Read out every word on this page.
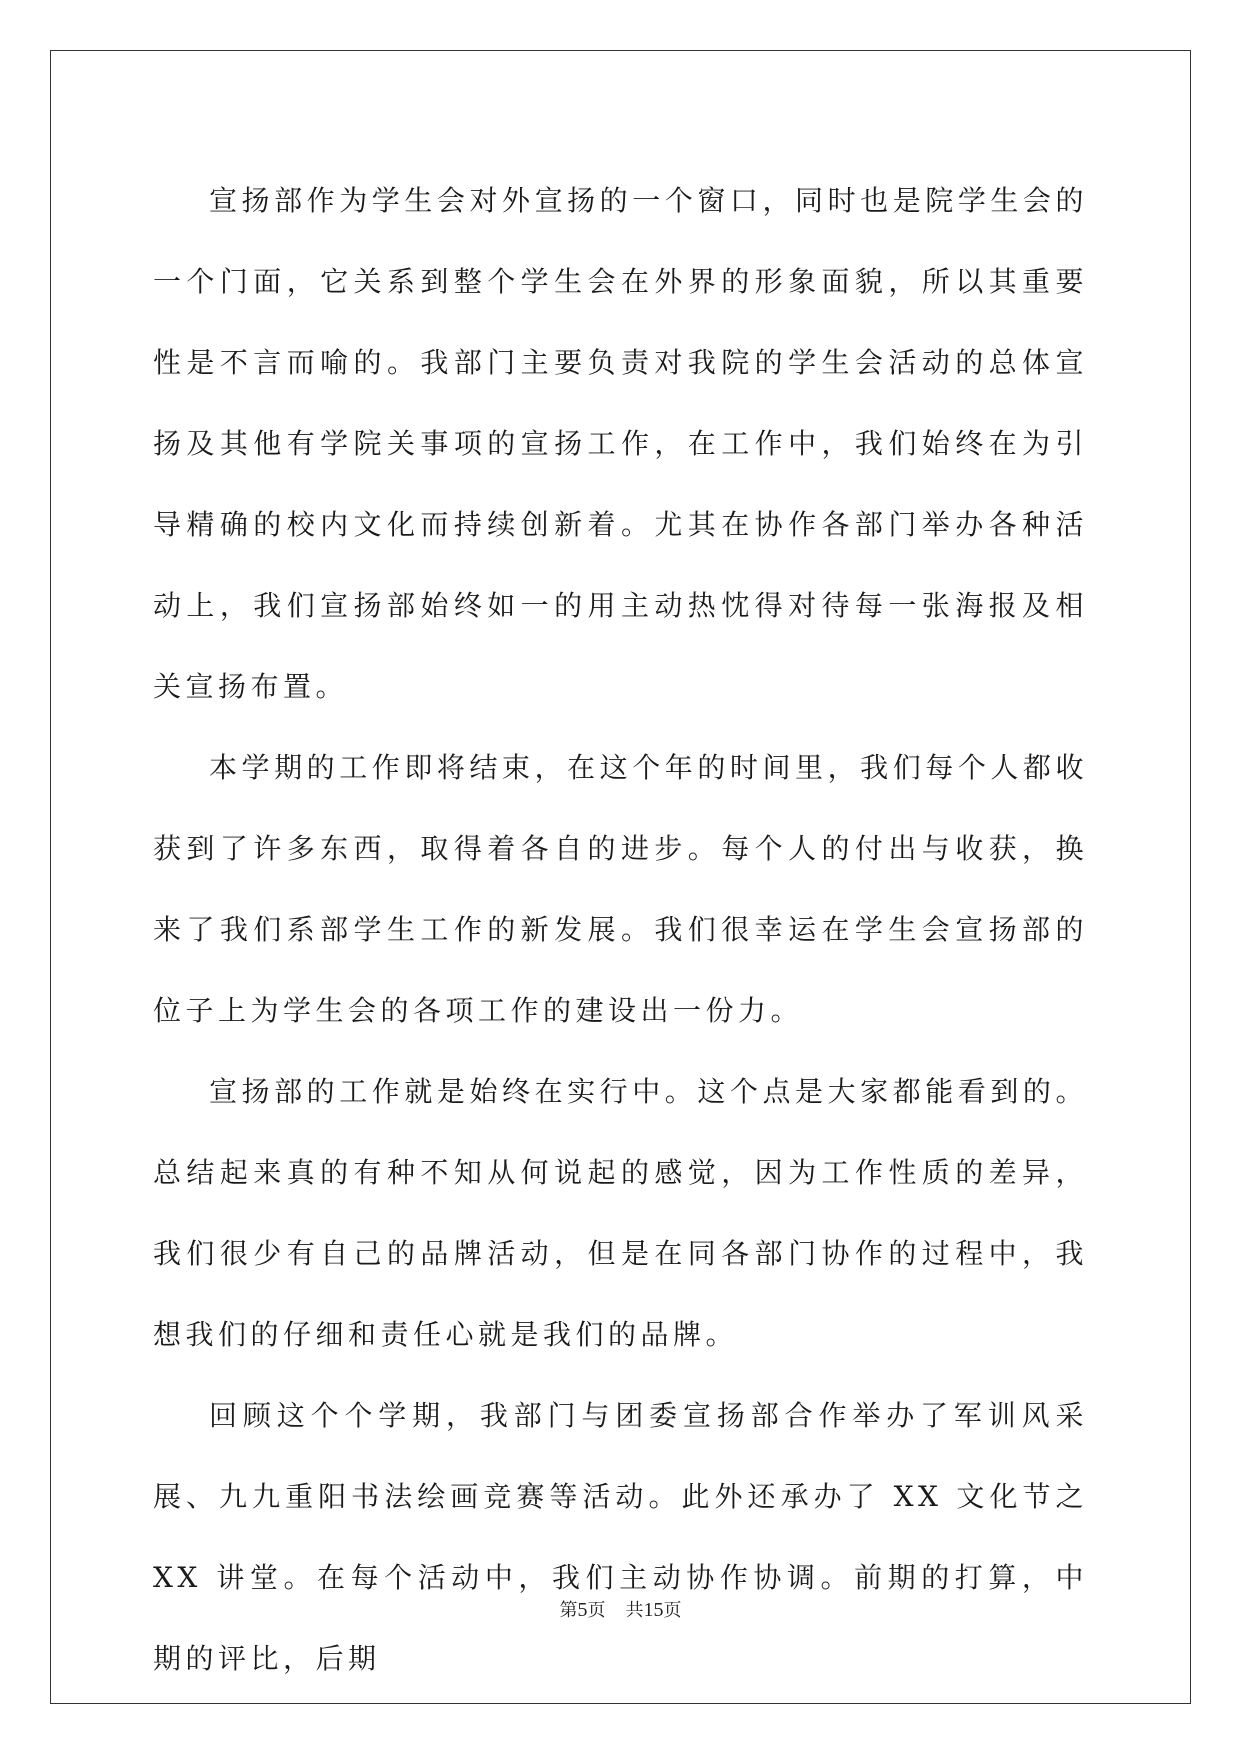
宣扬部作为学生会对外宣扬的一个窗口，同时也是院学生会的一个门面，它关系到整个学生会在外界的形象面貌，所以其重要性是不言而喻的。我部门主要负责对我院的学生会活动的总体宣扬及其他有学院关事项的宣扬工作，在工作中，我们始终在为引导精确的校内文化而持续创新着。尤其在协作各部门举办各种活动上，我们宣扬部始终如一的用主动热忱得对待每一张海报及相关宣扬布置。

本学期的工作即将结束，在这个年的时间里，我们每个人都收获到了许多东西，取得着各自的进步。每个人的付出与收获，换来了我们系部学生工作的新发展。我们很幸运在学生会宣扬部的位子上为学生会的各项工作的建设出一份力。

宣扬部的工作就是始终在实行中。这个点是大家都能看到的。总结起来真的有种不知从何说起的感觉，因为工作性质的差异，我们很少有自己的品牌活动，但是在同各部门协作的过程中，我想我们的仔细和责任心就是我们的品牌。

回顾这个个学期，我部门与团委宣扬部合作举办了军训风采展、九九重阳书法绘画竞赛等活动。此外还承办了 XX 文化节之 XX 讲堂。在每个活动中，我们主动协作协调。前期的打算，中期的评比，后期

第5页 共15页
